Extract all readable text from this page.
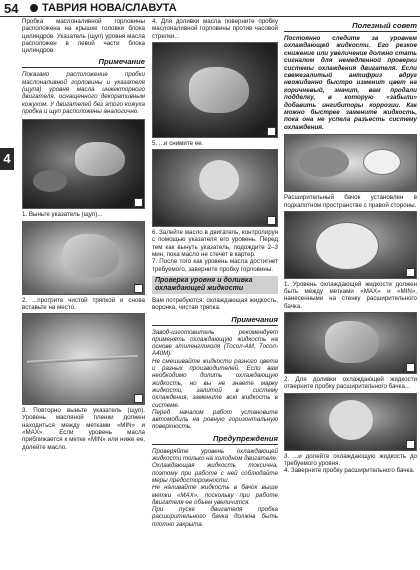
54 ТАВРИЯ НОВА/СЛАВУТА
4

Пробка маслоналивной горловины расположена на крышке головки блока цилиндров. Указатель (щуп) уровня масла расположен в левой части блока цилиндров.

Примечание

Показано расположение пробки маслоналивной горловины и указателя (щупа) уровня масла инжекторного двигателя, оснащенного декоративным кожухом. У двигателей без этого кожуха пробка и щуп расположены аналогично.

1. Выньте указатель (щуп)...

2. ...протрите чистой тряпкой и снова вставьте на место.

3. Повторно выньте указатель (щуп). Уровень масляной пленки должен находиться между метками «MIN» и «MAX». Если уровень масла приближается к метке «MIN» или ниже ее, долейте масло.

4. Для доливки масла поверните пробку маслоналивной горловины против часовой стрелки...

5. ...и снимите ее.

6. Залейте масло в двигатель, контролируя с помощью указателя его уровень. Перед тем как вынуть указатель, подождите 2–3 мин, пока масло не стечет в картер.

7. После того как уровень масла достигнет требуемого, заверните пробку горловины.

Проверка уровня и доливка охлаждающей жидкости

Вам потребуются: охлаждающая жидкость, воронка, чистая тряпка.

Примечания

Завод-изготовитель рекомендует применять охлаждающую жидкость на основе этиленгликоля (Тосол-АМ, Тосол-А40М).

Не смешивайте жидкости разного цвета и разных производителей. Если вам необходимо долить охлаждающую жидкость, но вы не знаете марку жидкости, залитой в систему охлаждения, замените всю жидкость в системе.

Перед началом работ установите автомобиль на ровную горизонтальную поверхность.

Предупреждения

Проверяйте уровень охлаждающей жидкости только на холодном двигателе.

Охлаждающая жидкость токсична, поэтому при работе с ней соблюдайте меры предосторожности.

Не наливайте жидкость в бачок выше метки «MAX», поскольку при работе двигателя ее объем увеличится.

При пуске двигателя пробка расширительного бачка должна быть плотно закрыта.

Полезный совет

Постоянно следите за уровнем охлаждающей жидкости. Его резкое снижение или увеличение должно стать сигналом для немедленной проверки системы охлаждения двигателя. Если свежезалитый антифриз вдруг неожиданно быстро изменит цвет на коричневый, значит, вам продали подделку, в которую «забыли» добавить ингибиторы коррозии. Как можно быстрее замените жидкость, пока она не успела разъесть систему охлаждения.

Расширительный бачок установлен в подкапотном пространстве с правой стороны.

1. Уровень охлаждающей жидкости должен быть между метками «MAX» и «MIN», нанесенными на стенку расширительного бачка.

2. Для доливки охлаждающей жидкости отверните пробку расширительного бачка...

3. ...и долейте охлаждающую жидкость до требуемого уровня.

4. Заверните пробку расширительного бачка.
